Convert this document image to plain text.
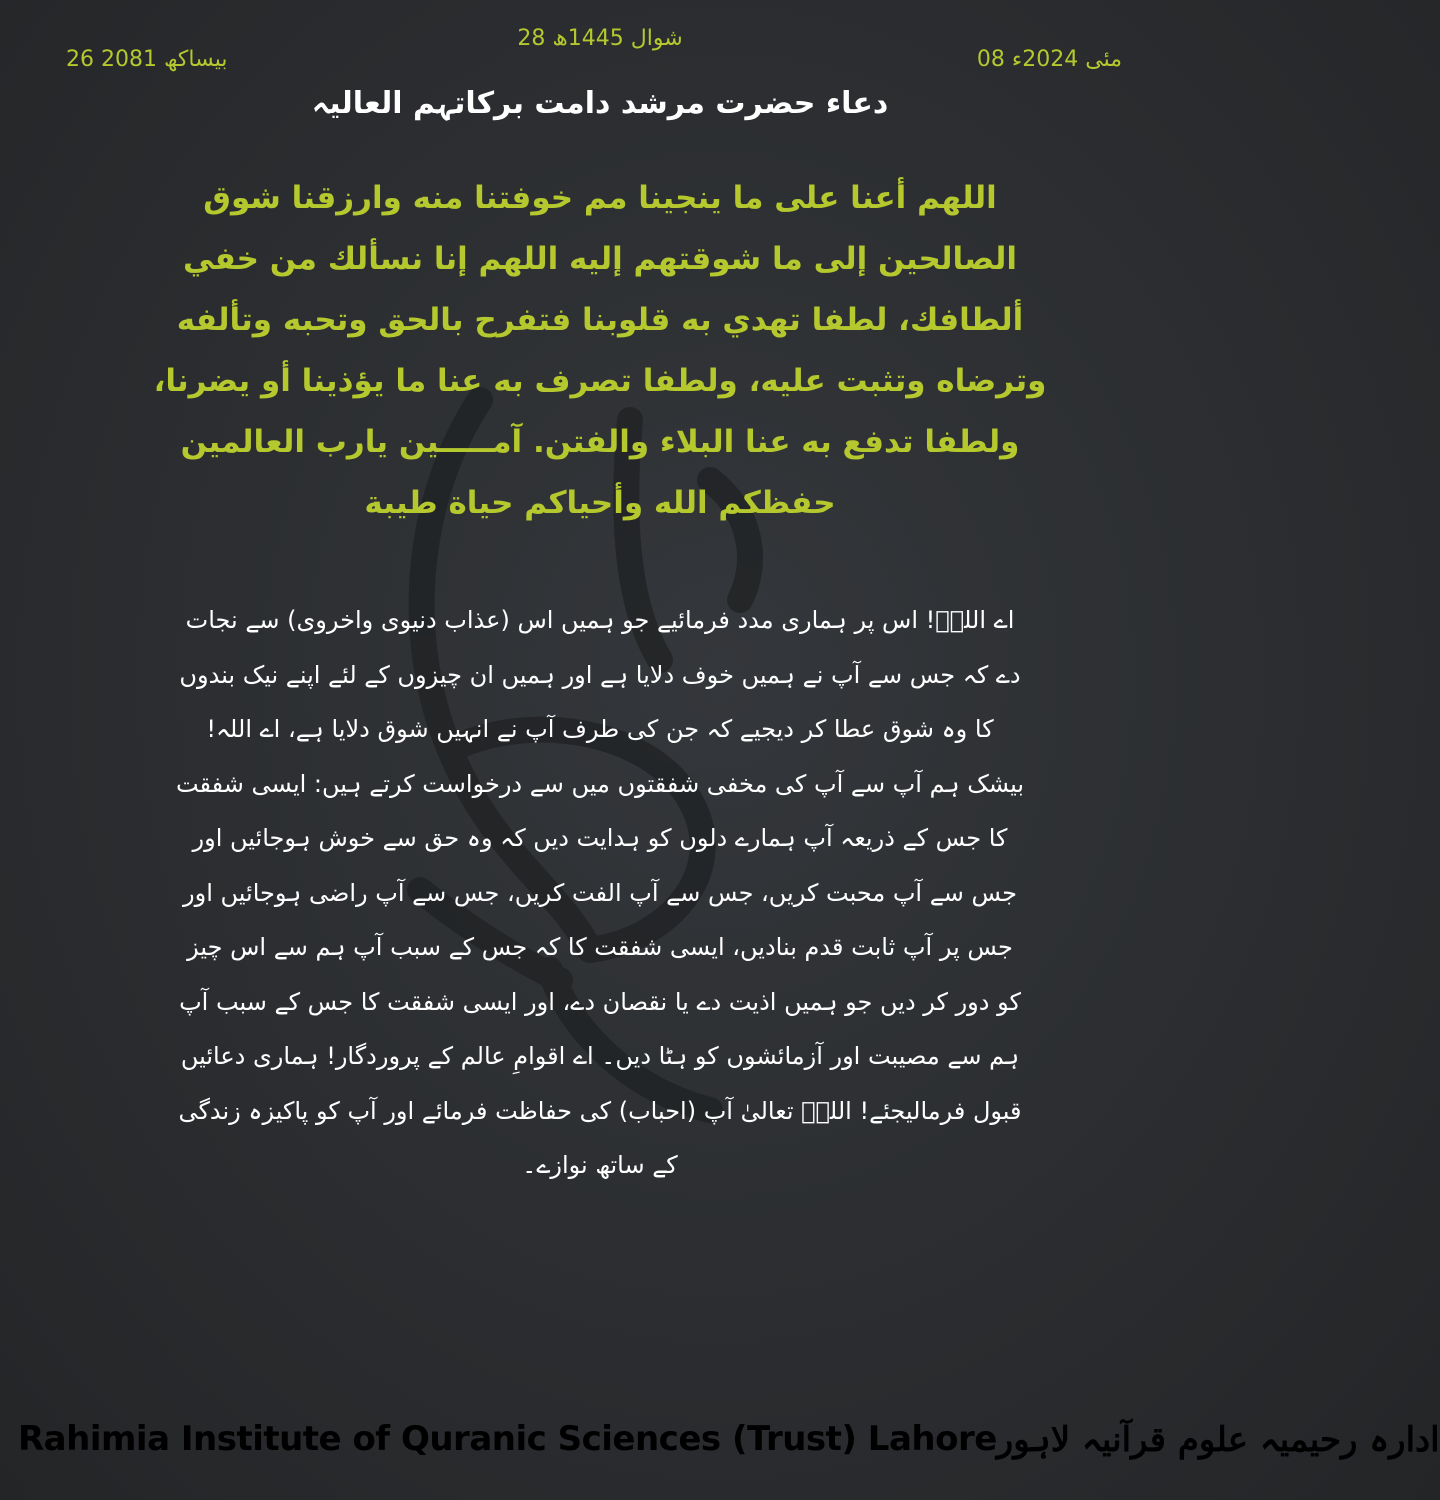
28 شوال 1445ھ
08 مئی 2024ء
26 بیساکھ 2081
دعاء حضرت مرشد دامت برکاتہم العالیہ
اللهم أعنا على ما ينجينا مم خوفتنا منه وارزقنا شوق الصالحين إلى ما شوقتهم إليه اللهم إنا نسألك من خفي ألطافك، لطفا تهدي به قلوبنا فتفرح بالحق وتحبه وتألفه وترضاه وتثبت عليه، ولطفا تصرف به عنا ما يؤذينا أو يضرنا، ولطفا تدفع به عنا البلاء والفتن. آمـــــين يارب العالمين حفظكم الله وأحياكم حياة طيبة
اے اللہؑ! اس پر ہماری مدد فرمائیے جو ہمیں اس (عذاب دنیوی واخروی) سے نجات دے کہ جس سے آپ نے ہمیں خوف دلایا ہے اور ہمیں ان چیزوں کے لئے اپنے نیک بندوں کا وہ شوق عطا کر دیجیے کہ جن کی طرف آپ نے انہیں شوق دلایا ہے، اے اللہ! بیشک ہم آپ سے آپ کی مخفی شفقتوں میں سے درخواست کرتے ہیں: ایسی شفقت کا جس کے ذریعہ آپ ہمارے دلوں کو ہدایت دیں کہ وہ حق سے خوش ہوجائیں اور جس سے آپ محبت کریں، جس سے آپ الفت کریں، جس سے آپ راضی ہوجائیں اور جس پر آپ ثابت قدم بنادیں، ایسی شفقت کا کہ جس کے سبب آپ ہم سے اس چیز کو دور کر دیں جو ہمیں اذیت دے یا نقصان دے، اور ایسی شفقت کا جس کے سبب آپ ہم سے مصیبت اور آزمائشوں کو ہٹا دیں۔ اے اقوامِ عالم کے پروردگار! ہماری دعائیں قبول فرمالیجئے! اللہؑ تعالیٰ آپ (احباب) کی حفاظت فرمائے اور آپ کو پاکیزہ زندگی کے ساتھ نوازے۔
Rahimia Institute of Quranic Sciences (Trust) Lahore ادارہ رحیمیہ علوم قرآنیہ لاہور
